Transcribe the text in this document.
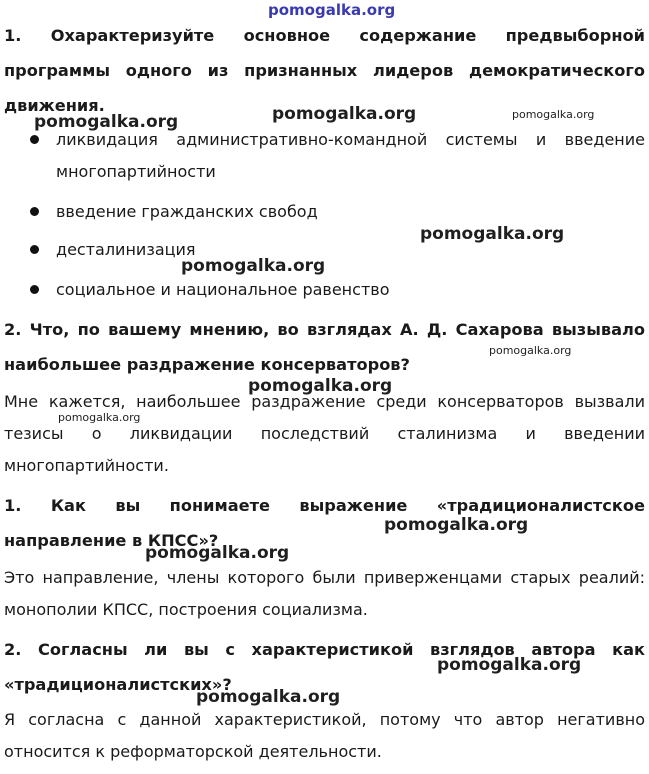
pomogalka.org

1. Охарактеризуйте основное содержание предвыборной программы одного из признанных лидеров демократического движения.

ликвидация административно-командной системы и введение многопартийности
введение гражданских свобод
десталинизация
социальное и национальное равенство

2. Что, по вашему мнению, во взглядах А. Д. Сахарова вызывало наибольшее раздражение консерваторов?

Мне кажется, наибольшее раздражение среди консерваторов вызвали тезисы о ликвидации последствий сталинизма и введении многопартийности.

1. Как вы понимаете выражение «традиционалистское направление в КПСС»?

Это направление, члены которого были приверженцами старых реалий: монополии КПСС, построения социализма.

2. Согласны ли вы с характеристикой взглядов автора как «традиционалистских»?

Я согласна с данной характеристикой, потому что автор негативно относится к реформаторской деятельности.

pomogalka.org	pomogalka.org
pomogalka.org
pomogalka.org
pomogalka.org
pomogalka.org
pomogalka.org
pomogalka.org
pomogalka.org
pomogalka.org
pomogalka.org
pomogalka.org
